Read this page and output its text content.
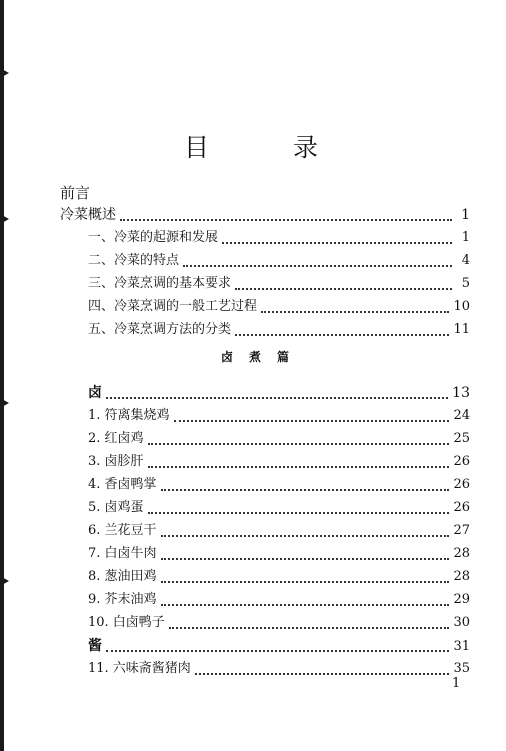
目 录
前言
冷菜概述	1
一、冷菜的起源和发展	1
二、冷菜的特点	4
三、冷菜烹调的基本要求	5
四、冷菜烹调的一般工艺过程	10
五、冷菜烹调方法的分类	11
卤煮篇
卤	13
1. 符离集烧鸡	24
2. 红卤鸡	25
3. 卤胗肝	26
4. 香卤鸭掌	26
5. 卤鸡蛋	26
6. 兰花豆干	27
7. 白卤牛肉	28
8. 葱油田鸡	28
9. 芥末油鸡	29
10. 白卤鸭子	30
酱	31
11. 六味斋酱猪肉	35
1
